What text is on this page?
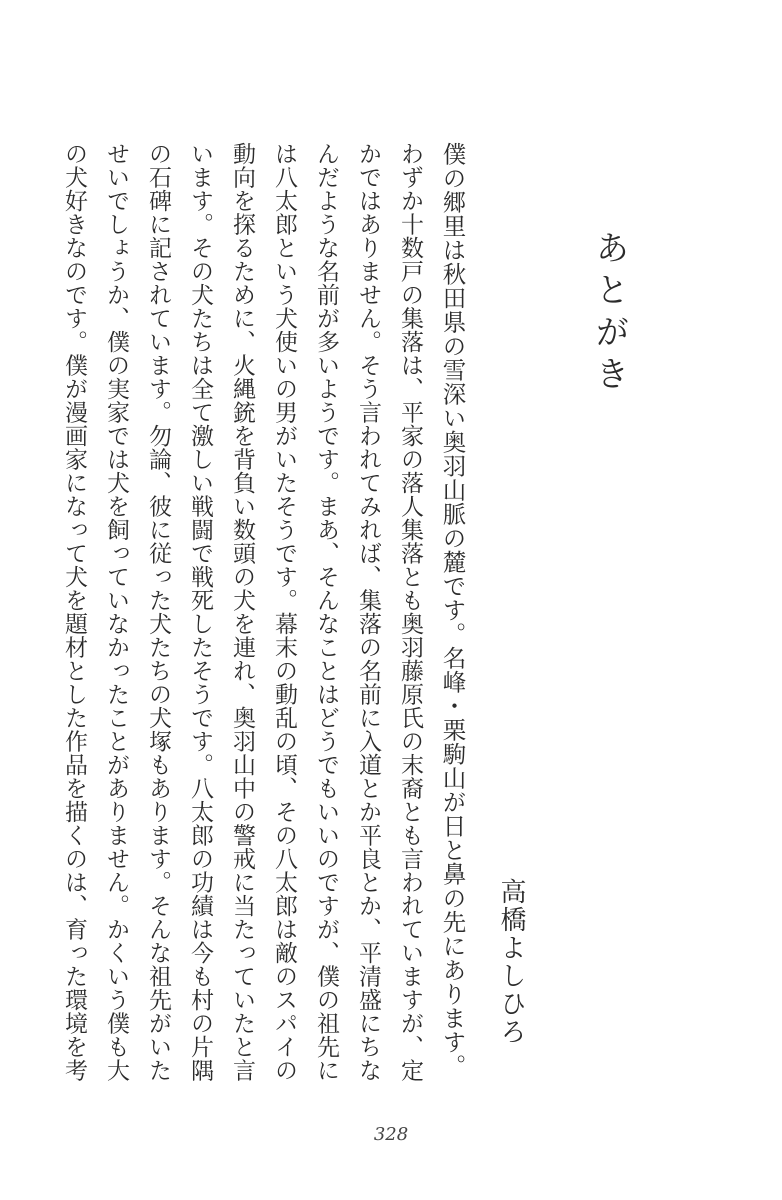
あとがき
高橋よしひろ
僕の郷里は秋田県の雪深い奥羽山脈の麓です。名峰・栗駒山が日と鼻の先にあります。
わずか十数戸の集落は、平家の落人集落とも奥羽藤原氏の末裔とも言われていますが、定
かではありません。そう言われてみれば、集落の名前に入道とか平良とか、平清盛にちな
んだような名前が多いようです。まあ、そんなことはどうでもいいのですが、僕の祖先に
は八太郎という犬使いの男がいたそうです。幕末の動乱の頃、その八太郎は敵のスパイの
動向を探るために、火縄銃を背負い数頭の犬を連れ、奥羽山中の警戒に当たっていたと言
います。その犬たちは全て激しい戦闘で戦死したそうです。八太郎の功績は今も村の片隅
の石碑に記されています。勿論、彼に従った犬たちの犬塚もあります。そんな祖先がいた
せいでしょうか、僕の実家では犬を飼っていなかったことがありません。かくいう僕も大
の犬好きなのです。僕が漫画家になって犬を題材とした作品を描くのは、育った環境を考
328
